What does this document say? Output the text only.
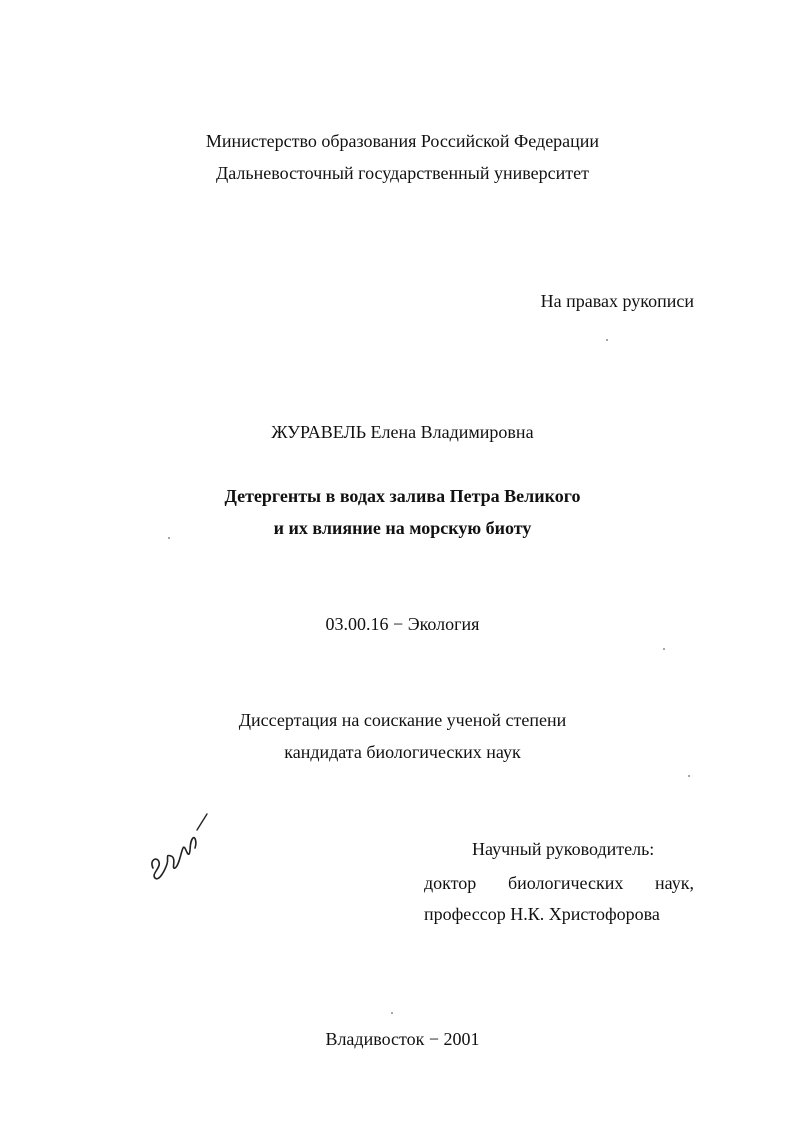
Министерство образования Российской Федерации
Дальневосточный государственный университет
На правах рукописи
ЖУРАВЕЛЬ Елена Владимировна
Детергенты в водах залива Петра Великого
и их влияние на морскую биоту
03.00.16 − Экология
Диссертация на соискание ученой степени
кандидата биологических наук
Научный руководитель:
доктор биологических наук,
профессор Н.К. Христофорова
Владивосток − 2001
